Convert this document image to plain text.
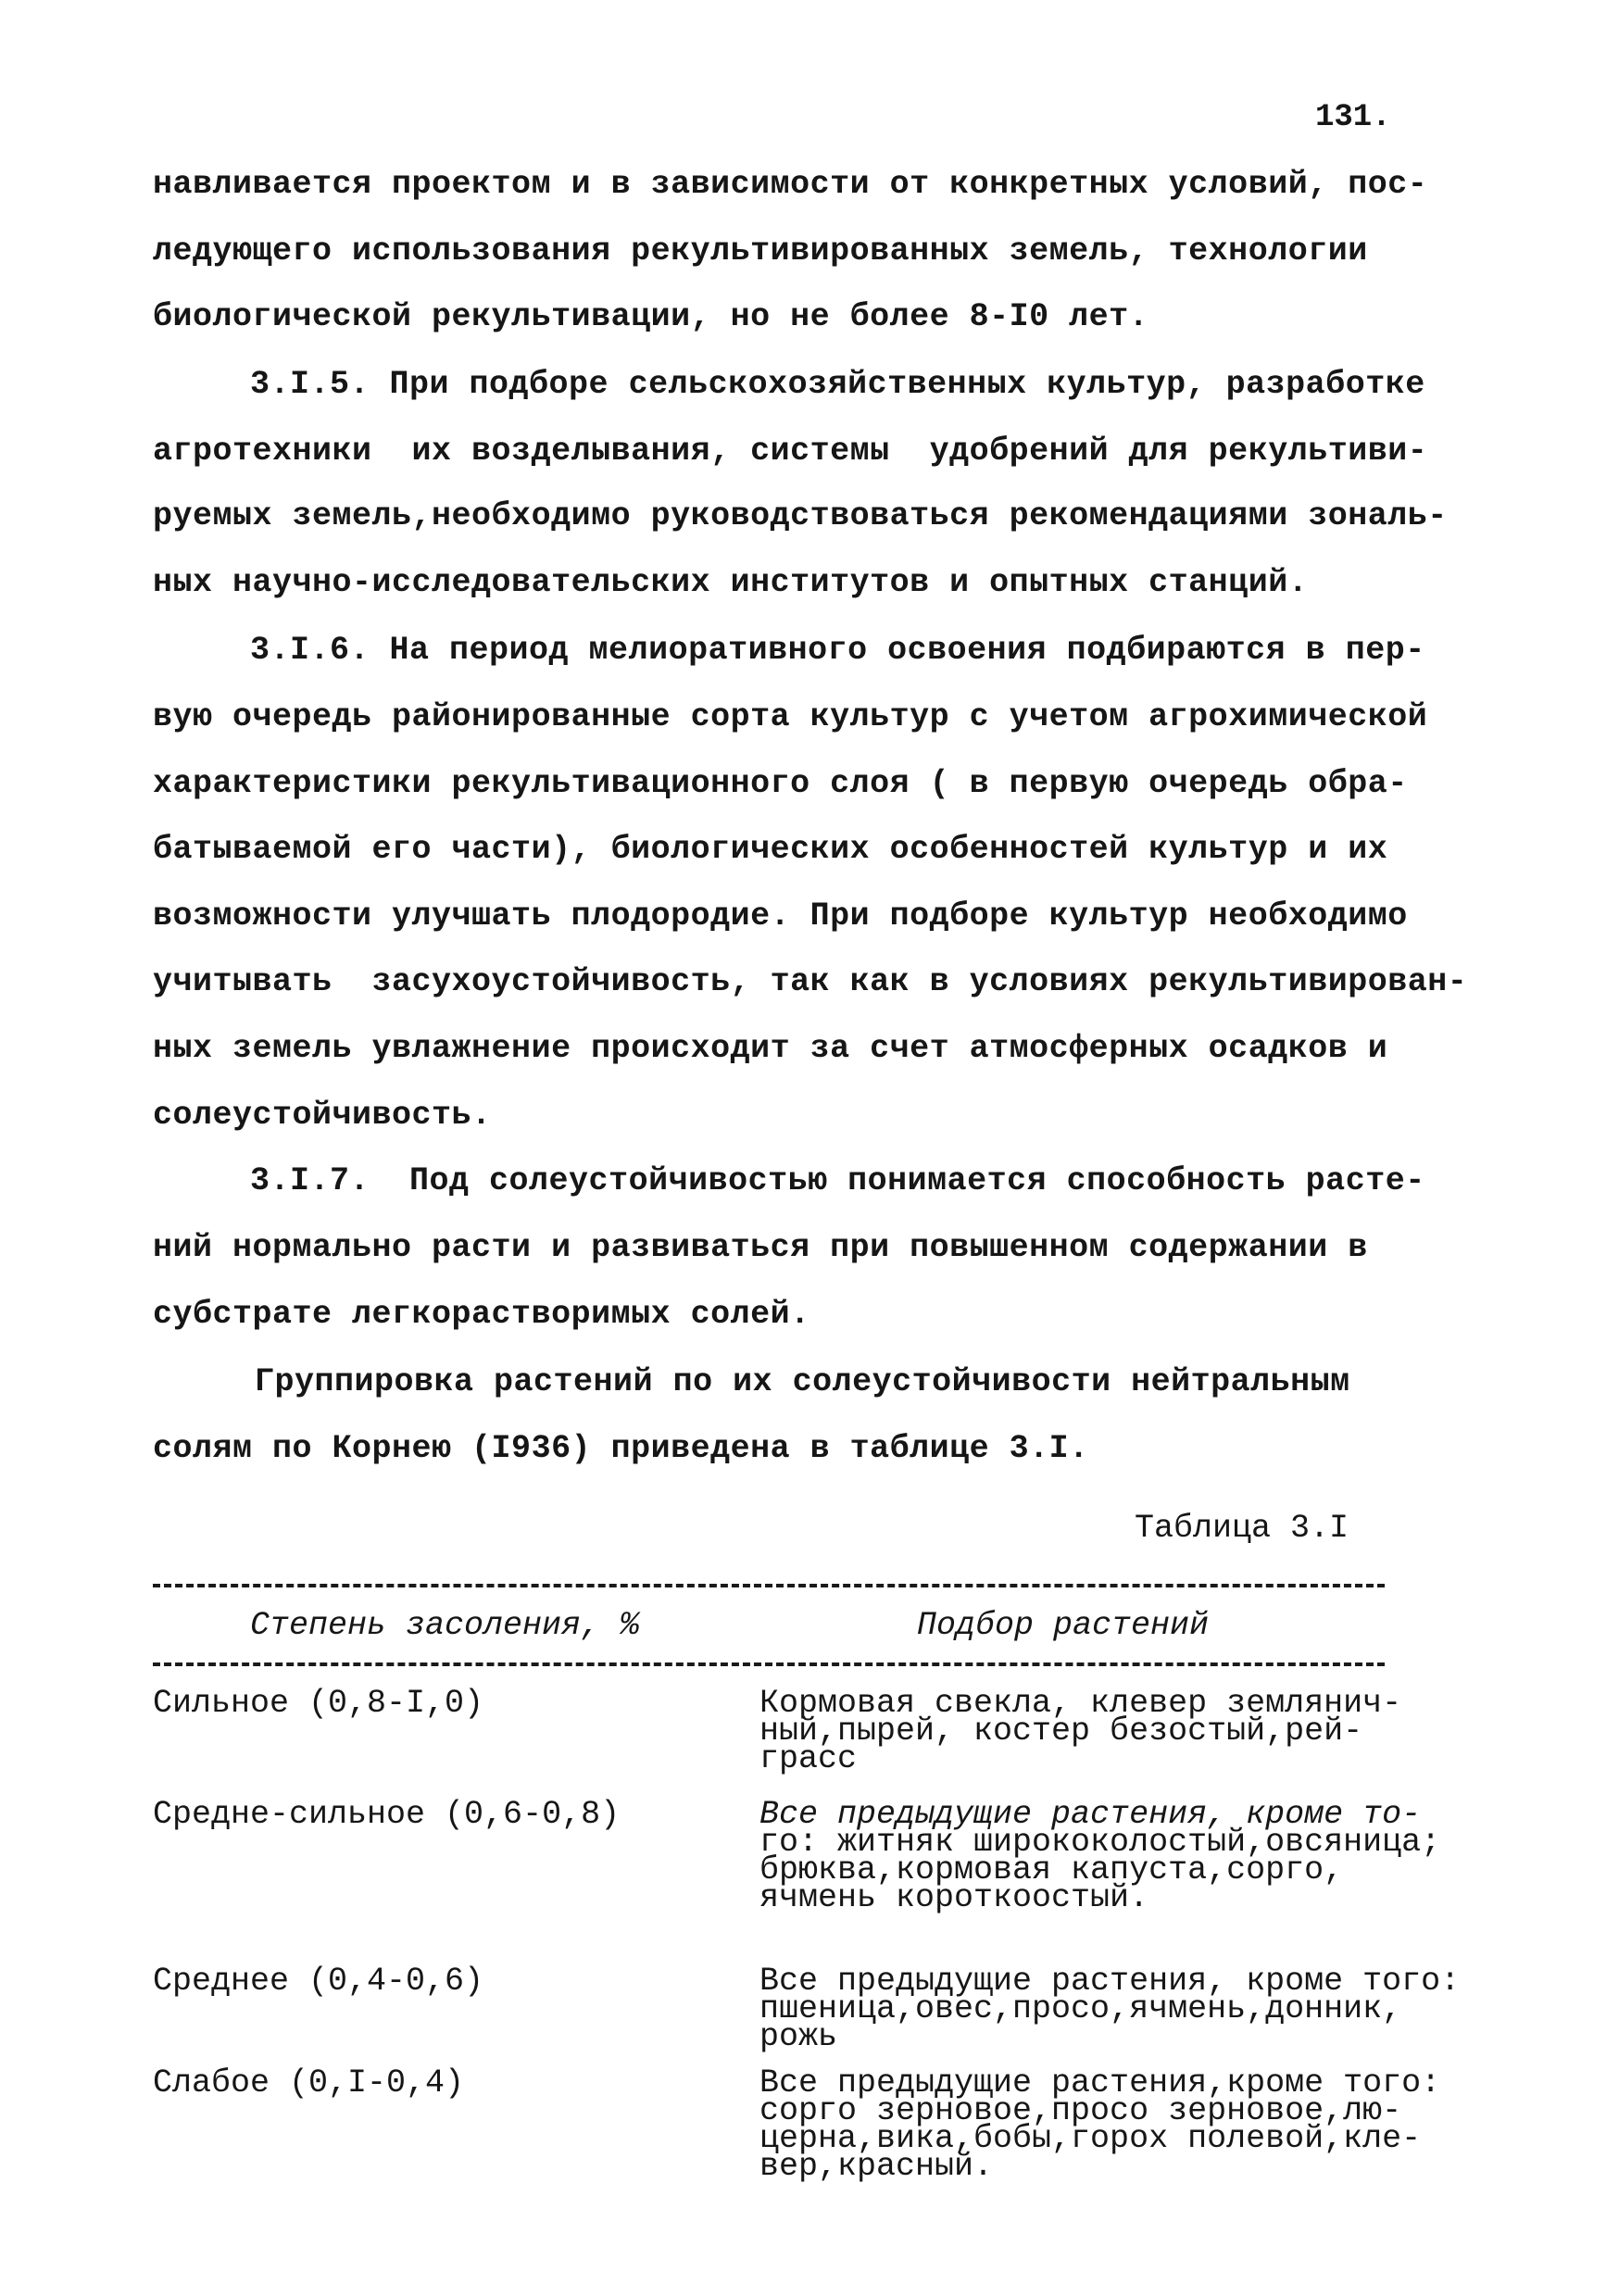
131.
навливается проектом и в зависимости от конкретных условий, пос-
ледующего использования рекультивированных земель, технологии
биологической рекультивации, но не более 8-I0 лет.
3.I.5. При подборе сельскохозяйственных культур, разработке
агротехники  их возделывания, системы  удобрений для рекультиви-
руемых земель,необходимо руководствоваться рекомендациями зональ-
ных научно-исследовательских институтов и опытных станций.
3.I.6. На период мелиоративного освоения подбираются в пер-
вую очередь районированные сорта культур с учетом агрохимической
характеристики рекультивационного слоя ( в первую очередь обра-
батываемой его части), биологических особенностей культур и их
возможности улучшать плодородие. При подборе культур необходимо
учитывать  засухоустойчивость, так как в условиях рекультивирован-
ных земель увлажнение происходит за счет атмосферных осадков и
солеустойчивость.
3.I.7.  Под солеустойчивостью понимается способность расте-
ний нормально расти и развиваться при повышенном содержании в
субстрате легкорастворимых солей.
Группировка растений по их солеустойчивости нейтральным
солям по Корнею (I936) приведена в таблице 3.I.
Таблица 3.I
Степень засоления, %	Подбор растений
Сильное (0,8-I,0)	Кормовая свекла, клевер землянич-
ный,пырей, костер безостый,рей-
грасс
Средне-сильное (0,6-0,8)	Все предыдущие растения, кроме то-
го: житняк ширококолостый,овсяница;
брюква,кормовая капуста,сорго,
ячмень короткоостый.
Среднее (0,4-0,6)	Все предыдущие растения, кроме того:
пшеница,овес,просо,ячмень,донник,
рожь
Слабое (0,I-0,4)	Все предыдущие растения,кроме того:
сорго зерновое,просо зерновое,лю-
церна,вика,бобы,горох полевой,кле-
вер,красный.
